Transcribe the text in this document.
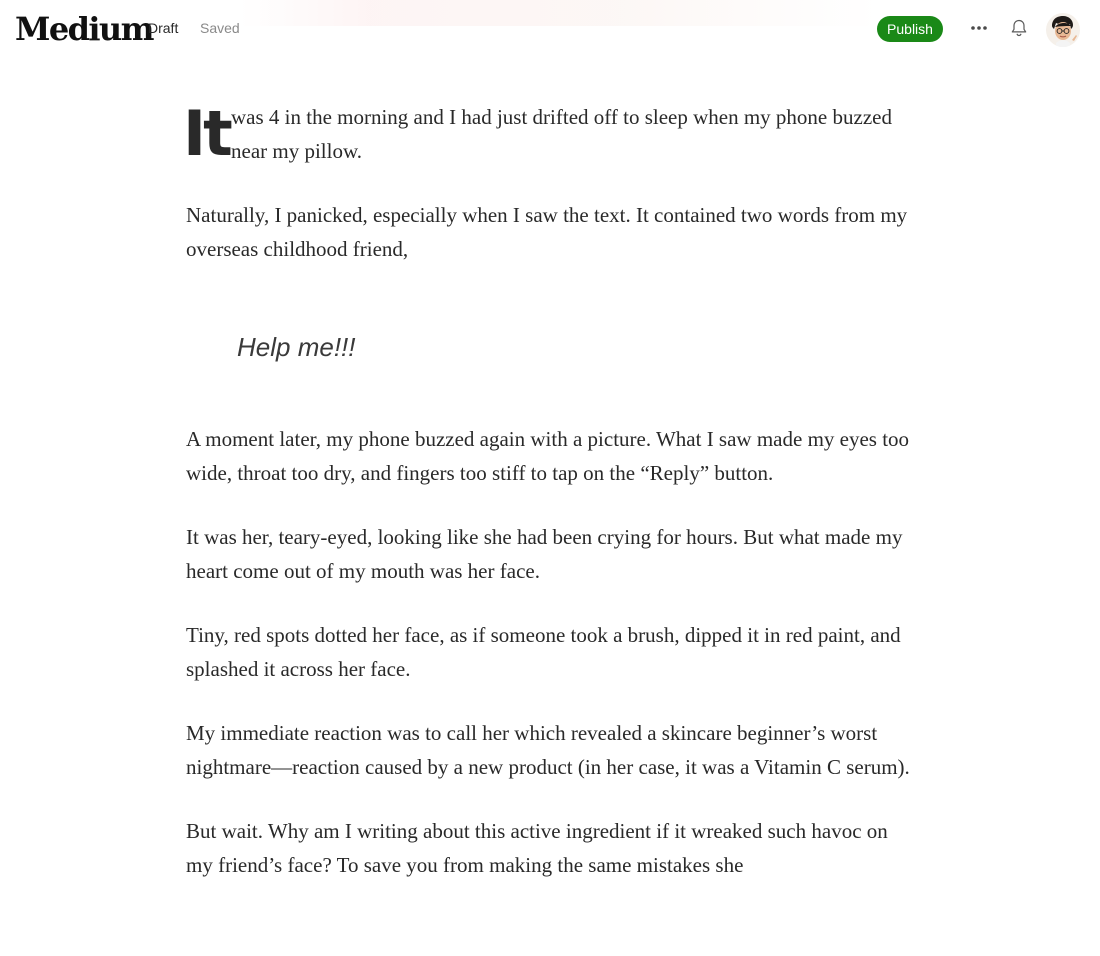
Medium
Draft Saved	Publish

It was 4 in the morning and I had just drifted off to sleep when my phone buzzed near my pillow.

Naturally, I panicked, especially when I saw the text. It contained two words from my overseas childhood friend,

Help me!!!

A moment later, my phone buzzed again with a picture. What I saw made my eyes too wide, throat too dry, and fingers too stiff to tap on the “Reply” button.

It was her, teary-eyed, looking like she had been crying for hours. But what made my heart come out of my mouth was her face.

Tiny, red spots dotted her face, as if someone took a brush, dipped it in red paint, and splashed it across her face.

My immediate reaction was to call her which revealed a skincare beginner’s worst nightmare—reaction caused by a new product (in her case, it was a Vitamin C serum).

But wait. Why am I writing about this active ingredient if it wreaked such havoc on my friend’s face? To save you from making the same mistakes she
